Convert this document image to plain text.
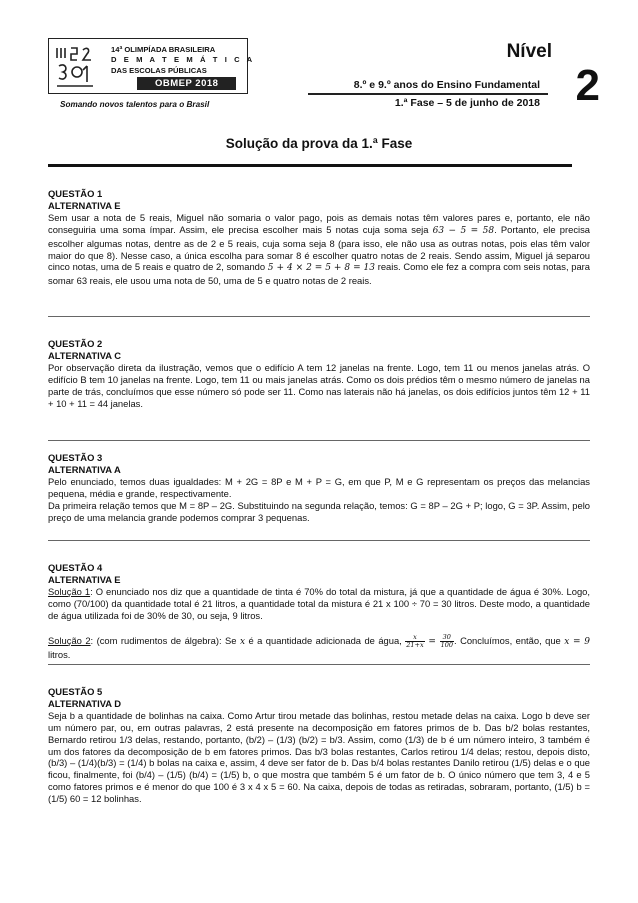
14ª OLIMPÍADA BRASILEIRA
D E M A T E M Á T I C A
DAS ESCOLAS PÚBLICAS
OBMEP 2018
Somando novos talentos para o Brasil
Nível
2
8.º e 9.º anos do Ensino Fundamental
1.ª Fase – 5 de junho de 2018
Solução da prova da 1.ª Fase
QUESTÃO 1
ALTERNATIVA E
Sem usar a nota de 5 reais, Miguel não somaria o valor pago, pois as demais notas têm valores pares e, portanto, ele não conseguiria uma soma ímpar. Assim, ele precisa escolher mais 5 notas cuja soma seja 63 − 5 = 58. Portanto, ele precisa escolher algumas notas, dentre as de 2 e 5 reais, cuja soma seja 8 (para isso, ele não usa as outras notas, pois elas têm valor maior do que 8). Nesse caso, a única escolha para somar 8 é escolher quatro notas de 2 reais. Sendo assim, Miguel já separou cinco notas, uma de 5 reais e quatro de 2, somando 5 + 4 × 2 = 5 + 8 = 13 reais. Como ele fez a compra com seis notas, para somar 63 reais, ele usou uma nota de 50, uma de 5 e quatro notas de 2 reais.
QUESTÃO 2
ALTERNATIVA C
Por observação direta da ilustração, vemos que o edifício A tem 12 janelas na frente. Logo, tem 11 ou menos janelas atrás. O edifício B tem 10 janelas na frente. Logo, tem 11 ou mais janelas atrás. Como os dois prédios têm o mesmo número de janelas na parte de trás, concluímos que esse número só pode ser 11. Como nas laterais não há janelas, os dois edifícios juntos têm 12 + 11 + 10 + 11 = 44 janelas.
QUESTÃO 3
ALTERNATIVA A

Pelo enunciado, temos duas igualdades: M + 2G = 8P e M + P = G, em que P, M e G representam os preços das melancias pequena, média e grande, respectivamente.

Da primeira relação temos que M = 8P – 2G. Substituindo na segunda relação, temos: G = 8P – 2G + P; logo, G = 3P. Assim, pelo preço de uma melancia grande podemos comprar 3 pequenas.

QUESTÃO 4
ALTERNATIVA E

Solução 1: O enunciado nos diz que a quantidade de tinta é 70% do total da mistura, já que a quantidade de água é 30%. Logo, como (70/100) da quantidade total é 21 litros, a quantidade total da mistura é 21 x 100 ÷ 70 = 30 litros. Deste modo, a quantidade de água utilizada foi de 30% de 30, ou seja, 9 litros.

Solução 2: (com rudimentos de álgebra): Se x é a quantidade adicionada de água, $\frac{x}{21+x} = \frac{30}{100}$ . Concluímos, então, que x = 9 litros.

QUESTÃO 5
ALTERNATIVA D
Seja b a quantidade de bolinhas na caixa. Como Artur tirou metade das bolinhas, restou metade delas na caixa. Logo b deve ser um número par, ou, em outras palavras, 2 está presente na decomposição em fatores primos de b. Das b/2 bolas restantes, Bernardo retirou 1/3 delas, restando, portanto, (b/2) – (1/3) (b/2) = b/3. Assim, como (1/3) de b é um número inteiro, 3 também é um dos fatores da decomposição de b em fatores primos. Das b/3 bolas restantes, Carlos retirou 1/4 delas; restou, depois disto, (b/3) – (1/4)(b/3) = (1/4) b bolas na caixa e, assim, 4 deve ser fator de b. Das b/4 bolas restantes Danilo retirou (1/5) delas e o que ficou, finalmente, foi (b/4) – (1/5) (b/4) = (1/5) b, o que mostra que também 5 é um fator de b. O único número que tem 3, 4 e 5 como fatores primos e é menor do que 100 é 3 x 4 x 5 = 60. Na caixa, depois de todas as retiradas, sobraram, portanto, (1/5) b = (1/5) 60 = 12 bolinhas.
